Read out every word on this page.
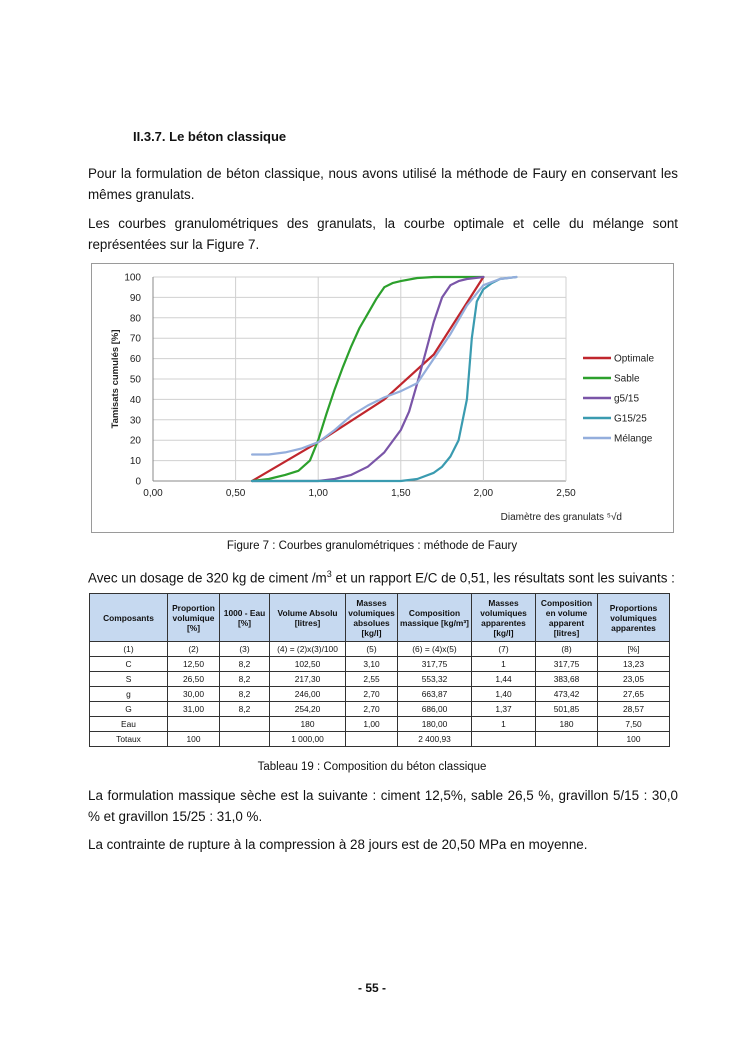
II.3.7. Le béton classique
Pour la formulation de béton classique, nous avons utilisé la méthode de Faury en conservant les mêmes granulats.
Les courbes granulométriques des granulats, la courbe optimale et celle du mélange sont représentées sur la Figure 7.
0
10
20
30
40
50
60
70
80
90
100
0,00	0,50	1,00	1,50	2,00	2,50
Tamisats cumulés [%]
Diamètre des granulats ⁵√d
Optimale
Sable
g5/15
G15/25
Mélange
Figure 7 : Courbes granulométriques : méthode de Faury
Avec un dosage de 320 kg de ciment $/m^3$ et un rapport E/C de 0,51, les résultats sont les suivants :
Composants	Proportion volumique [%]	1000 - Eau [%]	Volume Absolu [litres]	Masses volumiques absolues [kg/l]	Composition massique [kg/m³]	Masses volumiques apparentes [kg/l]	Composition en volume apparent [litres]	Proportions volumiques apparentes
(1)	(2)	(3)	(4) = (2)x(3)/100	(5)	(6) = (4)x(5)	(7)	(8)	[%]
C	12,50	8,2	102,50	3,10	317,75	1	317,75	13,23
S	26,50	8,2	217,30	2,55	553,32	1,44	383,68	23,05
g	30,00	8,2	246,00	2,70	663,87	1,40	473,42	27,65
G	31,00	8,2	254,20	2,70	686,00	1,37	501,85	28,57
Eau			180	1,00	180,00	1	180	7,50
Totaux	100		1 000,00		2 400,93			100
Tableau 19 : Composition du béton classique
La formulation massique sèche est la suivante : ciment 12,5%, sable 26,5 %, gravillon 5/15 : 30,0 % et gravillon 15/25 : 31,0 %.
La contrainte de rupture à la compression à 28 jours est de 20,50 MPa en moyenne.
- 55 -
